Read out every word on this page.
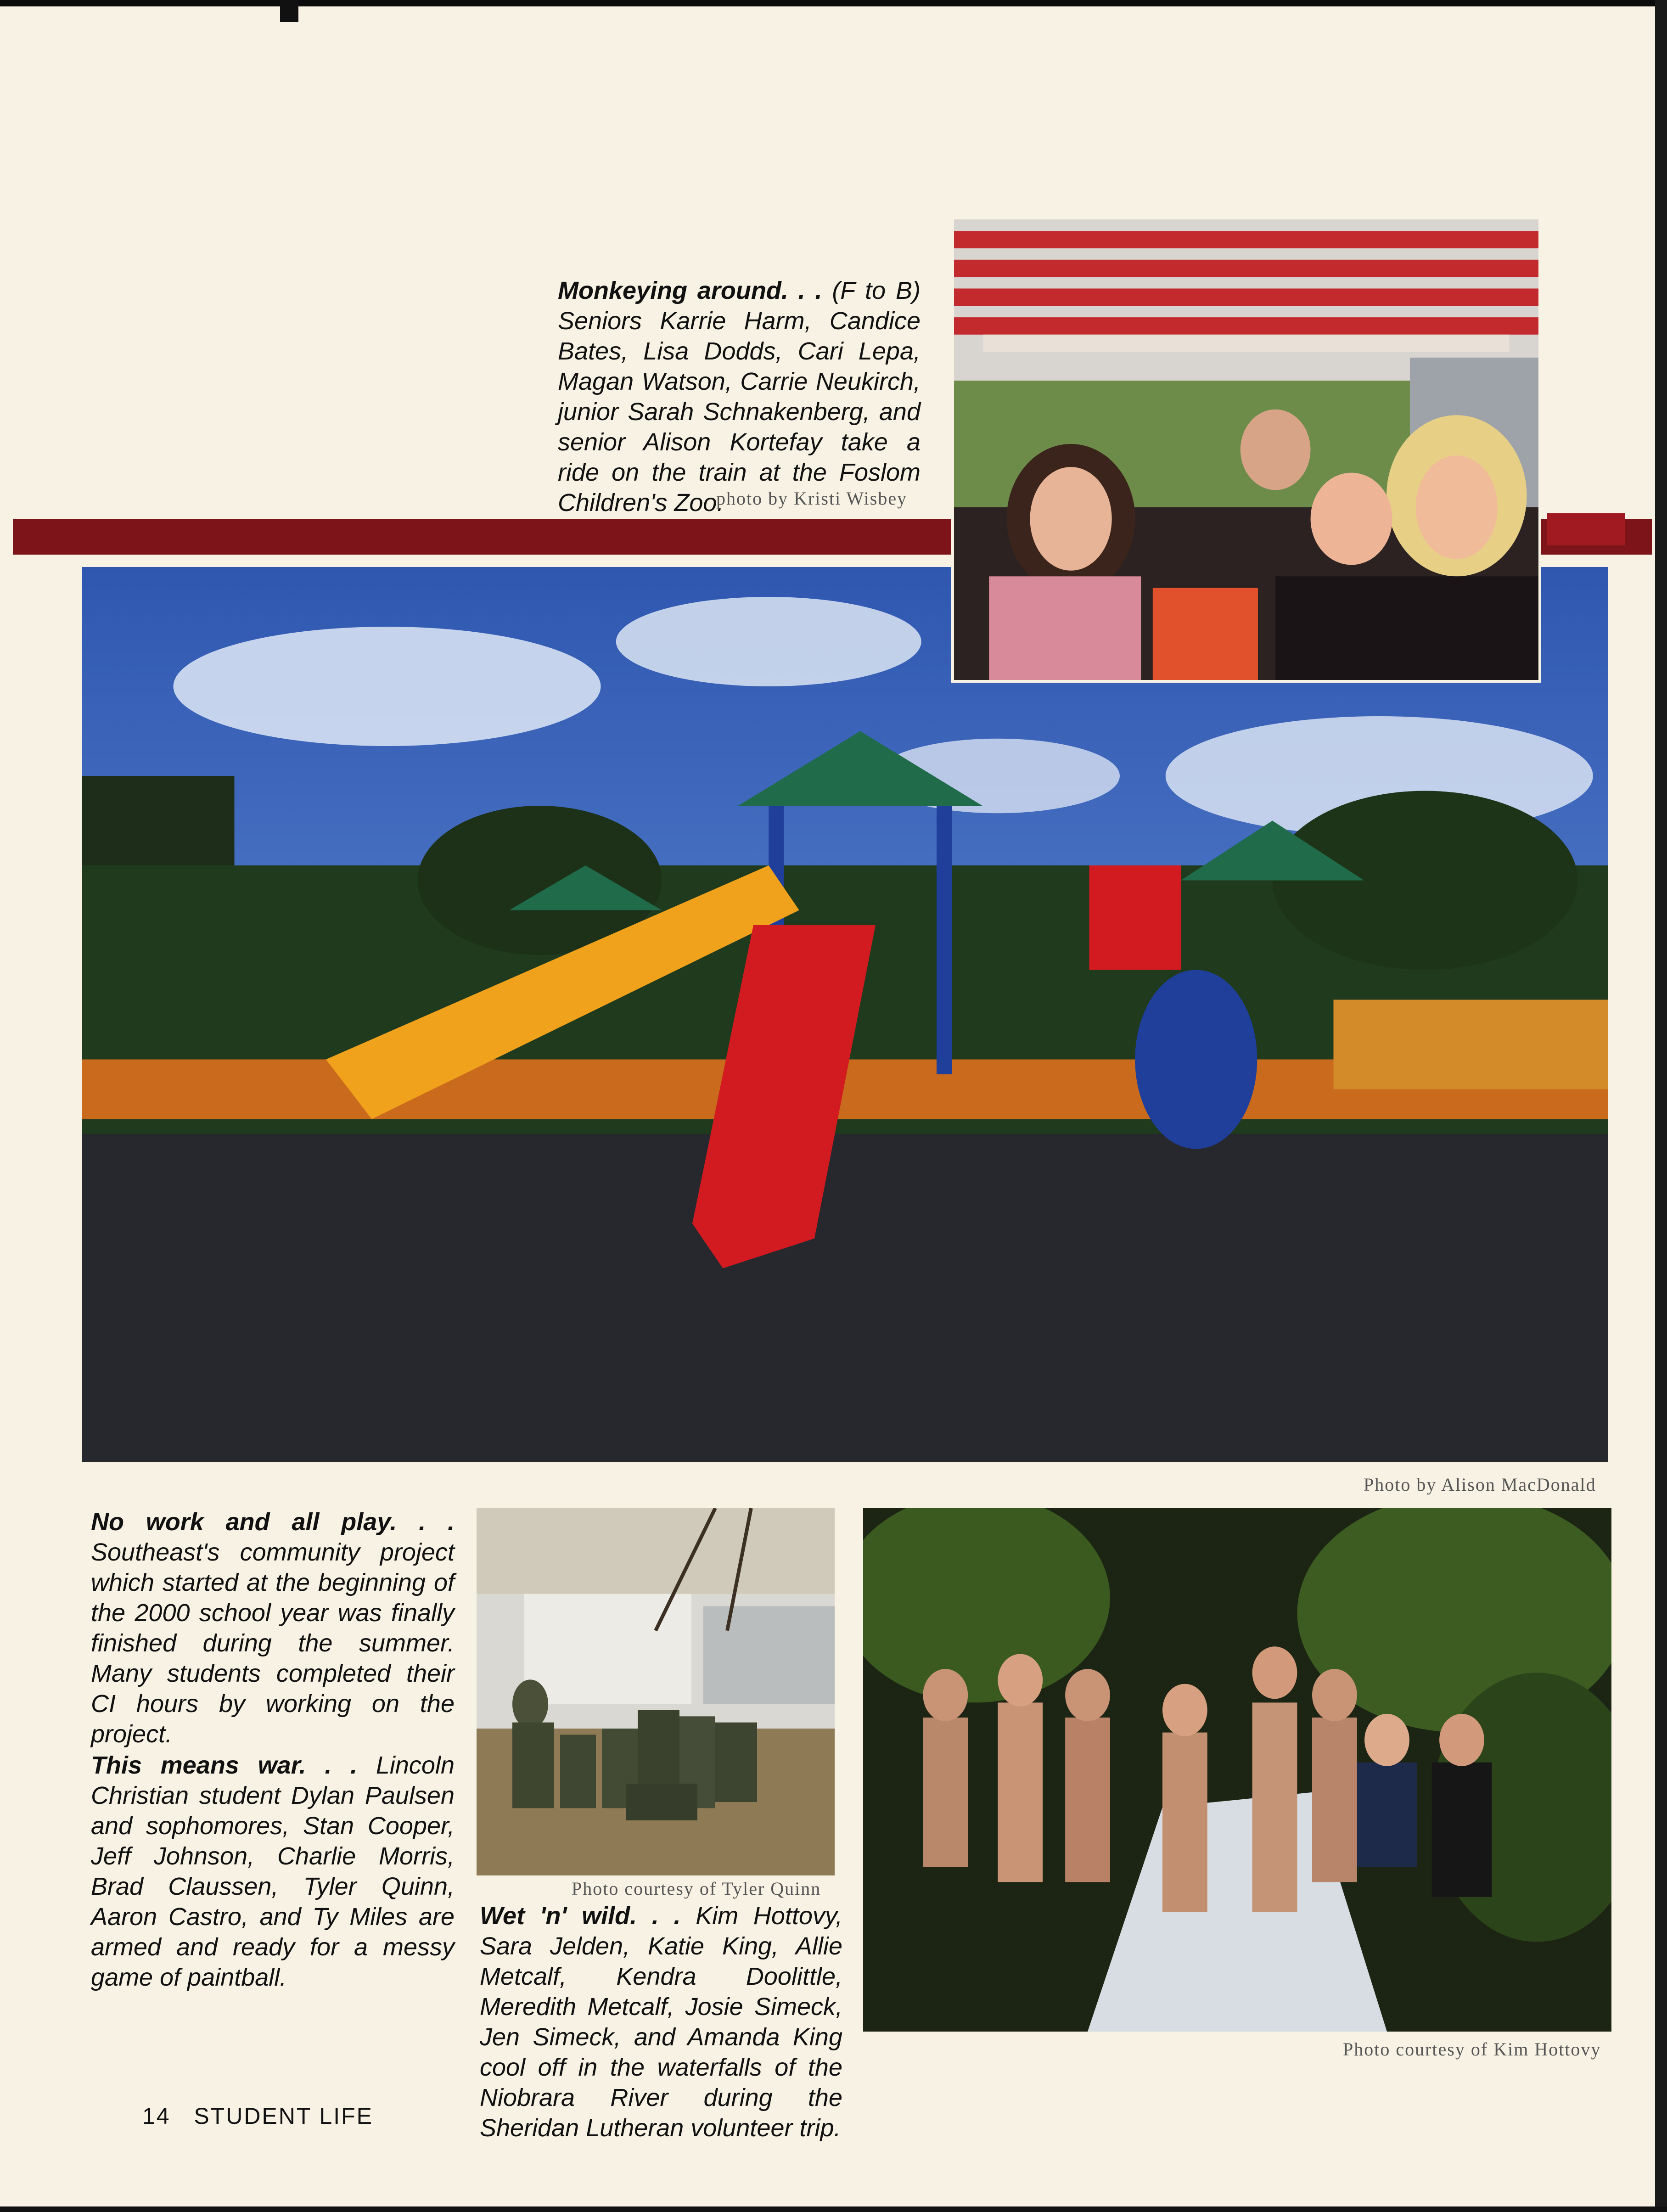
Monkeying around. . . (F to B) Seniors Karrie Harm, Candice Bates, Lisa Dodds, Cari Lepa, Magan Watson, Carrie Neukirch, junior Sarah Schnakenberg, and senior Alison Kortefay take a ride on the train at the Foslom Children's Zoo.
photo by Kristi Wisbey
Photo by Alison MacDonald
Photo courtesy of Tyler Quinn
Photo courtesy of Kim Hottovy
No work and all play. . . Southeast's community project which started at the beginning of the 2000 school year was finally finished during the summer. Many students completed their CI hours by working on the project.
This means war. . . Lincoln Christian student Dylan Paulsen and sophomores, Stan Cooper, Jeff Johnson, Charlie Morris, Brad Claussen, Tyler Quinn, Aaron Castro, and Ty Miles are armed and ready for a messy game of paintball.
Wet 'n' wild. . . Kim Hottovy, Sara Jelden, Katie King, Allie Metcalf, Kendra Doolittle, Meredith Metcalf, Josie Simeck, Jen Simeck, and Amanda King cool off in the waterfalls of the Niobrara River during the Sheridan Lutheran volunteer trip.
14 STUDENT LIFE
